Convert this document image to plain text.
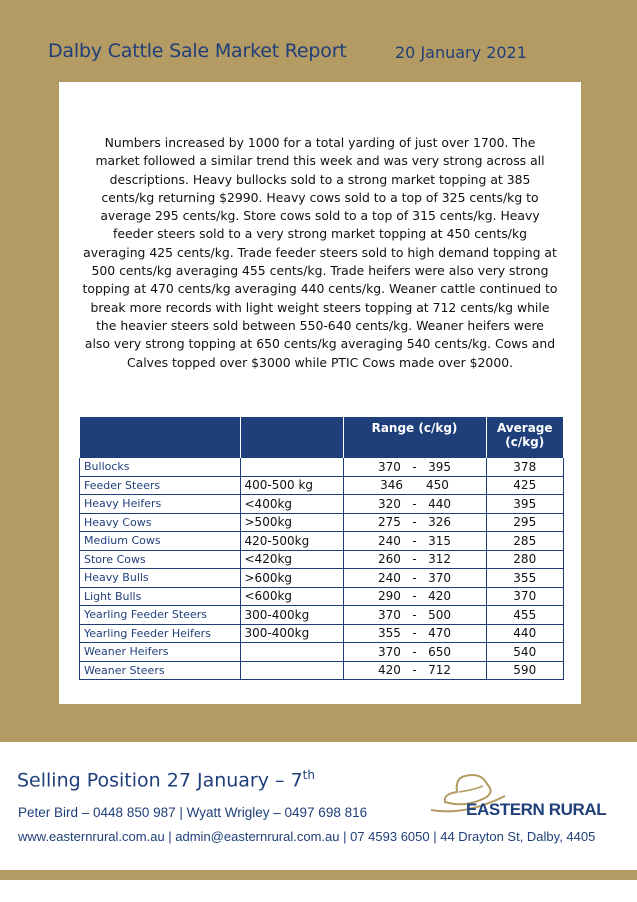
Dalby Cattle Sale Market Report	20 January 2021
Numbers increased by 1000 for a total yarding of just over 1700. The market followed a similar trend this week and was very strong across all descriptions. Heavy bullocks sold to a strong market topping at 385 cents/kg returning $2990. Heavy cows sold to a top of 325 cents/kg to average 295 cents/kg. Store cows sold to a top of 315 cents/kg. Heavy feeder steers sold to a very strong market topping at 450 cents/kg averaging 425 cents/kg. Trade feeder steers sold to high demand topping at 500 cents/kg averaging 455 cents/kg. Trade heifers were also very strong topping at 470 cents/kg averaging 440 cents/kg. Weaner cattle continued to break more records with light weight steers topping at 712 cents/kg while the heavier steers sold between 550-640 cents/kg. Weaner heifers were also very strong topping at 650 cents/kg averaging 540 cents/kg. Cows and Calves topped over $3000 while PTIC Cows made over $2000.
		Range (c/kg)	Average (c/kg)
Bullocks		370 - 395	378
Feeder Steers	400-500 kg	346 450	425
Heavy Heifers	<400kg	320 - 440	395
Heavy Cows	>500kg	275 - 326	295
Medium Cows	420-500kg	240 - 315	285
Store Cows	<420kg	260 - 312	280
Heavy Bulls	>600kg	240 - 370	355
Light Bulls	<600kg	290 - 420	370
Yearling Feeder Steers	300-400kg	370 - 500	455
Yearling Feeder Heifers	300-400kg	355 - 470	440
Weaner Heifers		370 - 650	540
Weaner Steers		420 - 712	590
Selling Position 27 January – 7th
Peter Bird – 0448 850 987 | Wyatt Wrigley – 0497 698 816
www.easternrural.com.au | admin@easternrural.com.au | 07 4593 6050 | 44 Drayton St, Dalby, 4405
EASTERN RURAL
